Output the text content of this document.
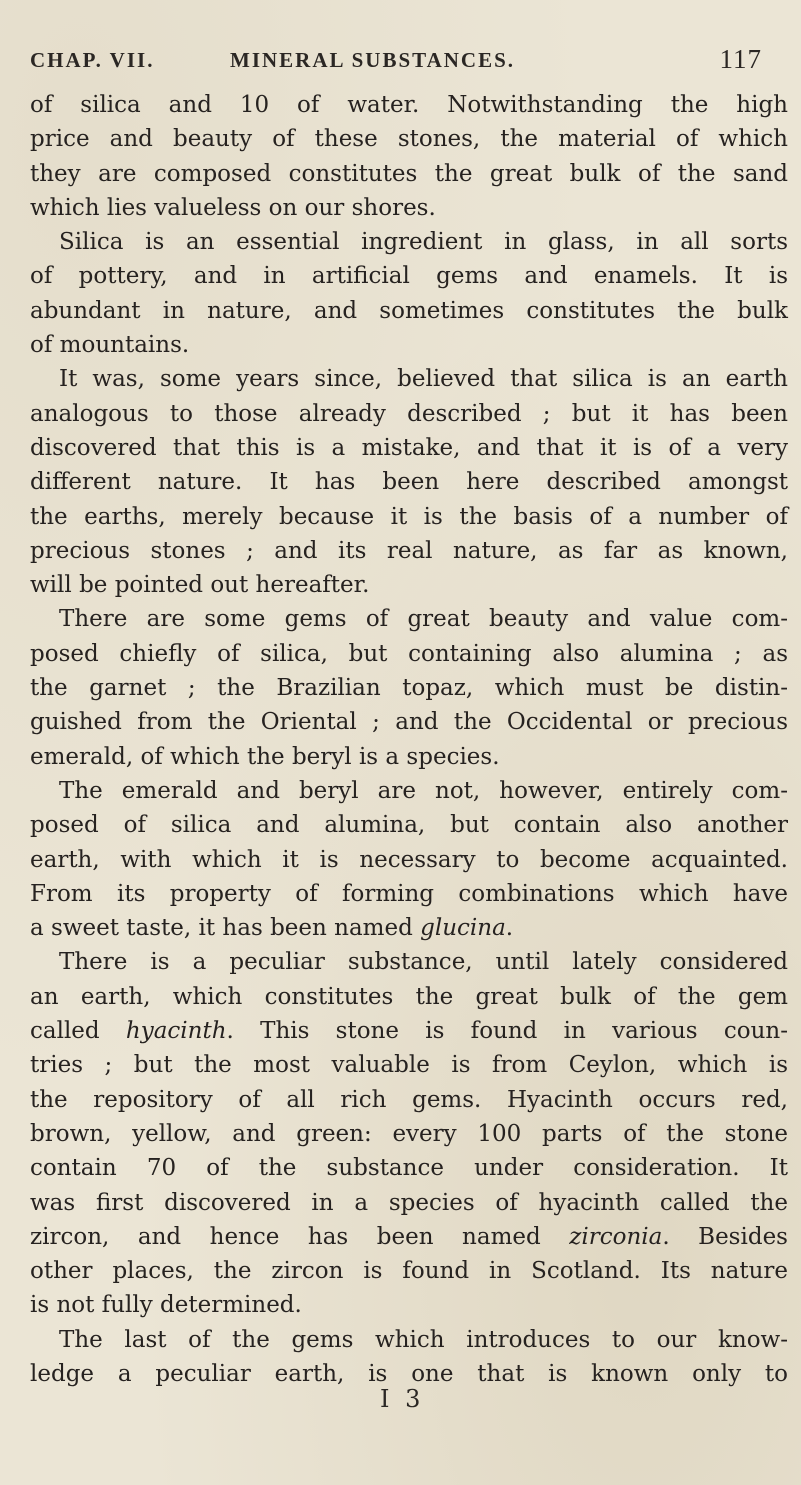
CHAP. VII.	MINERAL SUBSTANCES.	117
of silica and 10 of water. Notwithstanding the high
price and beauty of these stones, the material of which
they are composed constitutes the great bulk of the sand
which lies valueless on our shores.
Silica is an essential ingredient in glass, in all sorts
of pottery, and in artificial gems and enamels. It is
abundant in nature, and sometimes constitutes the bulk
of mountains.
It was, some years since, believed that silica is an earth
analogous to those already described ; but it has been
discovered that this is a mistake, and that it is of a very
different nature. It has been here described amongst
the earths, merely because it is the basis of a number of
precious stones ; and its real nature, as far as known,
will be pointed out hereafter.
There are some gems of great beauty and value com-
posed chiefly of silica, but containing also alumina ; as
the garnet ; the Brazilian topaz, which must be distin-
guished from the Oriental ; and the Occidental or precious
emerald, of which the beryl is a species.
The emerald and beryl are not, however, entirely com-
posed of silica and alumina, but contain also another
earth, with which it is necessary to become acquainted.
From its property of forming combinations which have
a sweet taste, it has been named glucina.
There is a peculiar substance, until lately considered
an earth, which constitutes the great bulk of the gem
called hyacinth. This stone is found in various coun-
tries ; but the most valuable is from Ceylon, which is
the repository of all rich gems. Hyacinth occurs red,
brown, yellow, and green: every 100 parts of the stone
contain 70 of the substance under consideration. It
was first discovered in a species of hyacinth called the
zircon, and hence has been named zirconia. Besides
other places, the zircon is found in Scotland. Its nature
is not fully determined.
The last of the gems which introduces to our know-
ledge a peculiar earth, is one that is known only to
I 3
